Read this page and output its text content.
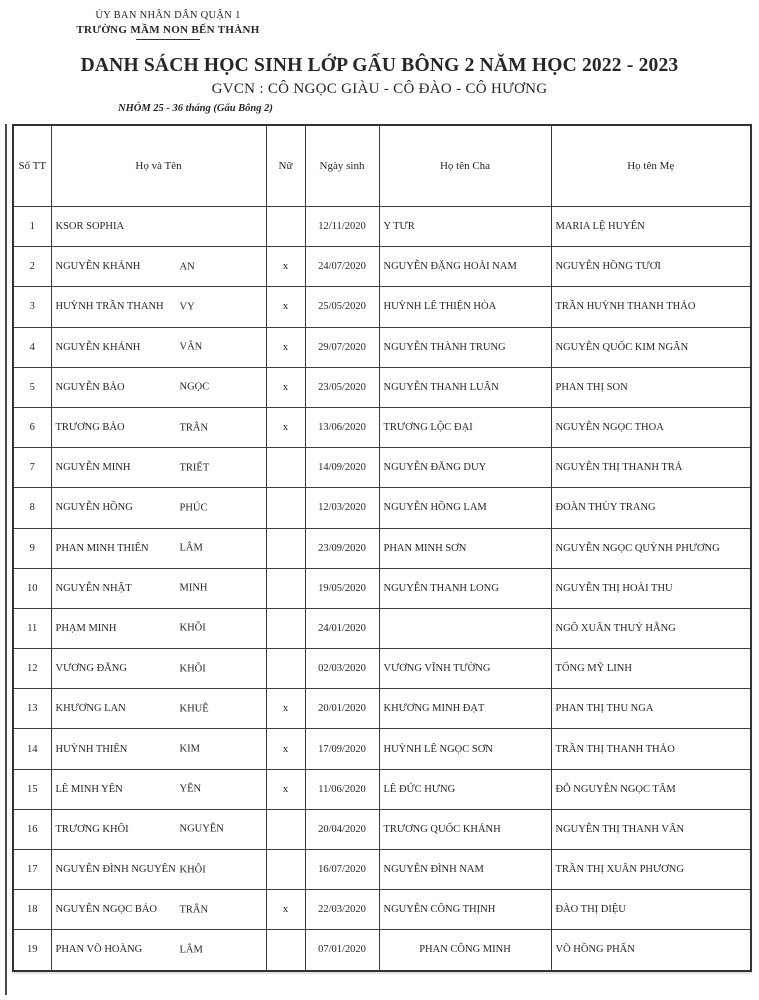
ỦY BAN NHÂN DÂN QUẬN 1
TRƯỜNG MẦM NON BẾN THÀNH
DANH SÁCH HỌC SINH LỚP GẤU BÔNG 2 NĂM HỌC 2022 - 2023
GVCN : CÔ NGỌC GIÀU - CÔ ĐÀO - CÔ HƯƠNG
NHÓM 25 - 36 tháng (Gấu Bông 2)
Số TT	Họ và Tên	Nữ	Ngày sinh	Họ tên Cha	Họ tên Mẹ
1	KSOR SOPHIA		12/11/2020	Y TƯR	MARIA LỆ HUYÊN
2	NGUYỄN KHÁNH AN	x	24/07/2020	NGUYỄN ĐẶNG HOÀI NAM	NGUYỄN HỒNG TƯƠI
3	HUỲNH TRẦN THANH VY	x	25/05/2020	HUỲNH LÊ THIỆN HÒA	TRẦN HUỲNH THANH THẢO
4	NGUYỄN KHÁNH VÂN	x	29/07/2020	NGUYỄN THÀNH TRUNG	NGUYỄN QUỐC KIM NGÂN
5	NGUYỄN BẢO NGỌC	x	23/05/2020	NGUYỄN THANH LUÂN	PHAN THỊ SON
6	TRƯƠNG BẢO TRÂN	x	13/06/2020	TRƯƠNG LỘC ĐẠI	NGUYỄN NGỌC THOA
7	NGUYỄN MINH TRIẾT		14/09/2020	NGUYỄN ĐĂNG DUY	NGUYỄN THỊ THANH TRẢ
8	NGUYỄN HỒNG PHÚC		12/03/2020	NGUYỄN HỒNG LAM	ĐOÀN THÙY TRANG
9	PHAN MINH THIÊN LÂM		23/09/2020	PHAN MINH SƠN	NGUYỄN NGỌC QUỲNH PHƯƠNG
10	NGUYỄN NHẬT MINH		19/05/2020	NGUYỄN THANH LONG	NGUYỄN THỊ HOÀI THU
11	PHẠM MINH KHÔI		24/01/2020		NGÔ XUÂN THUÝ HẰNG
12	VƯƠNG ĐĂNG KHÔI		02/03/2020	VƯƠNG VĨNH TƯỜNG	TỐNG MỸ LINH
13	KHƯƠNG LAN KHUÊ	x	20/01/2020	KHƯƠNG MINH ĐẠT	PHAN THỊ THU NGA
14	HUỲNH THIÊN KIM	x	17/09/2020	HUỲNH LÊ NGỌC SƠN	TRẦN THỊ THANH THẢO
15	LÊ MINH YÊN YÊN	x	11/06/2020	LÊ ĐỨC HƯNG	ĐỖ NGUYỄN NGỌC TÂM
16	TRƯƠNG KHÔI NGUYÊN		20/04/2020	TRƯƠNG QUỐC KHÁNH	NGUYỄN THỊ THANH VÂN
17	NGUYỄN ĐÌNH NGUYÊN KHÔI		16/07/2020	NGUYỄN ĐÌNH NAM	TRẦN THỊ XUÂN PHƯƠNG
18	NGUYỄN NGỌC BẢO TRÂN	x	22/03/2020	NGUYỄN CÔNG THỊNH	ĐÀO THỊ DIỆU
19	PHAN VÕ HOÀNG LÂM		07/01/2020	PHAN CÔNG MINH	VÕ HỒNG PHẤN
